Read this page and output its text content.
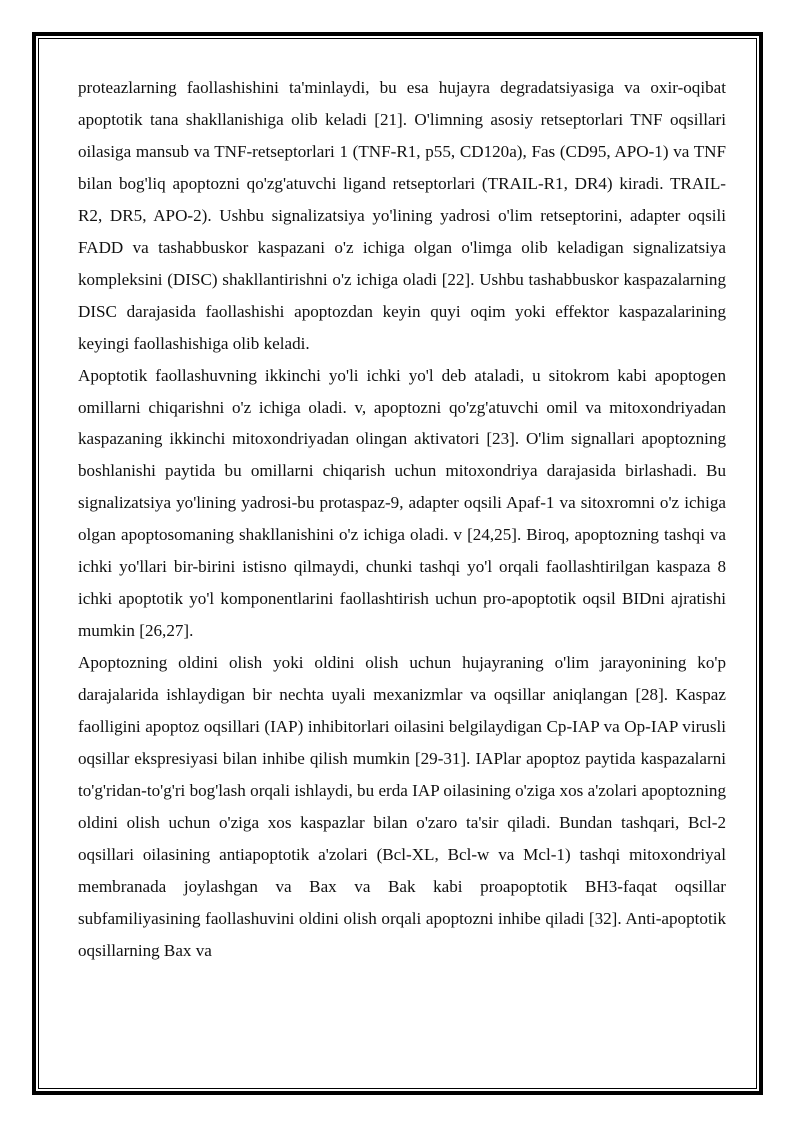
proteazlarning faollashishini ta'minlaydi, bu esa hujayra degradatsiyasiga va oxir-oqibat apoptotik tana shakllanishiga olib keladi [21]. O'limning asosiy retseptorlari TNF oqsillari oilasiga mansub va TNF-retseptorlari 1 (TNF-R1, p55, CD120a), Fas (CD95, APO-1) va TNF bilan bog'liq apoptozni qo'zg'atuvchi ligand retseptorlari (TRAIL-R1, DR4) kiradi. TRAIL-R2, DR5, APO-2). Ushbu signalizatsiya yo'lining yadrosi o'lim retseptorini, adapter oqsili FADD va tashabbuskor kaspazani o'z ichiga olgan o'limga olib keladigan signalizatsiya kompleksini (DISC) shakllantirishni o'z ichiga oladi [22]. Ushbu tashabbuskor kaspazalarning DISC darajasida faollashishi apoptozdan keyin quyi oqim yoki effektor kaspazalarining keyingi faollashishiga olib keladi.

Apoptotik faollashuvning ikkinchi yo'li ichki yo'l deb ataladi, u sitokrom kabi apoptogen omillarni chiqarishni o'z ichiga oladi. v, apoptozni qo'zg'atuvchi omil va mitoxondriyadan kaspazaning ikkinchi mitoxondriyadan olingan aktivatori [23]. O'lim signallari apoptozning boshlanishi paytida bu omillarni chiqarish uchun mitoxondriya darajasida birlashadi. Bu signalizatsiya yo'lining yadrosi-bu protaspaz-9, adapter oqsili Apaf-1 va sitoxromni o'z ichiga olgan apoptosomaning shakllanishini o'z ichiga oladi. v [24,25]. Biroq, apoptozning tashqi va ichki yo'llari bir-birini istisno qilmaydi, chunki tashqi yo'l orqali faollashtirilgan kaspaza 8 ichki apoptotik yo'l komponentlarini faollashtirish uchun pro-apoptotik oqsil BIDni ajratishi mumkin [26,27].

Apoptozning oldini olish yoki oldini olish uchun hujayraning o'lim jarayonining ko'p darajalarida ishlaydigan bir nechta uyali mexanizmlar va oqsillar aniqlangan [28]. Kaspaz faolligini apoptoz oqsillari (IAP) inhibitorlari oilasini belgilaydigan Cp-IAP va Op-IAP virusli oqsillar ekspresiyasi bilan inhibe qilish mumkin [29-31]. IAPlar apoptoz paytida kaspazalarni to'g'ridan-to'g'ri bog'lash orqali ishlaydi, bu erda IAP oilasining o'ziga xos a'zolari apoptozning oldini olish uchun o'ziga xos kaspazlar bilan o'zaro ta'sir qiladi. Bundan tashqari, Bcl-2 oqsillari oilasining antiapoptotik a'zolari (Bcl-XL, Bcl-w va Mcl-1) tashqi mitoxondriyal membranada joylashgan va Bax va Bak kabi proapoptotik BH3-faqat oqsillar subfamiliyasining faollashuvini oldini olish orqali apoptozni inhibe qiladi [32]. Anti-apoptotik oqsillarning Bax va
